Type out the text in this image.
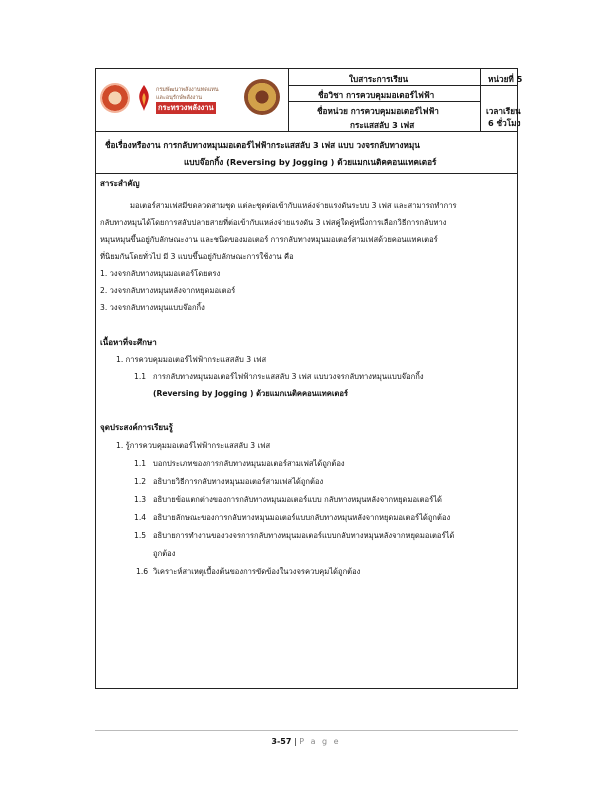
กรมพัฒนาพลังงานทดแทน
และอนุรักษ์พลังงาน
กระทรวงพลังงาน
ใบสาระการเรียน	หน่วยที่ 5
ชื่อวิชา การควบคุมมอเตอร์ไฟฟ้า
ชื่อหน่วย การควบคุมมอเตอร์ไฟฟ้า
กระแสสลับ 3 เฟส
เวลาเรียน
6 ชั่วโมง
ชื่อเรื่องหรืองาน การกลับทางหมุนมอเตอร์ไฟฟ้ากระแสสลับ 3 เฟส แบบ วงจรกลับทางหมุน
แบบจ๊อกกิ้ง (Reversing by Jogging ) ด้วยแมกเนติคคอนแทคเตอร์
สาระสำคัญ
มอเตอร์สามเฟสมีขดลวดสามชุด แต่ละชุดต่อเข้ากับแหล่งจ่ายแรงดันระบบ 3 เฟส และสามารถทำการ
กลับทางหมุนได้โดยการสลับปลายสายที่ต่อเข้ากับแหล่งจ่ายแรงดัน 3 เฟสคู่ใดคู่หนึ่งการเลือกวิธีการกลับทาง
หมุนหมุนขึ้นอยู่กับลักษณะงาน และชนิดของมอเตอร์ การกลับทางหมุนมอเตอร์สามเฟสด้วยคอนแทคเตอร์
ที่นิยมกันโดยทั่วไป มี 3 แบบขึ้นอยู่กับลักษณะการใช้งาน คือ
1. วงจรกลับทางหมุนมอเตอร์โดยตรง
2. วงจรกลับทางหมุนหลังจากหยุดมอเตอร์
3. วงจรกลับทางหมุนแบบจ๊อกกิ้ง
เนื้อหาที่จะศึกษา
1. การควบคุมมอเตอร์ไฟฟ้ากระแสสลับ 3 เฟส
1.1 การกลับทางหมุนมอเตอร์ไฟฟ้ากระแสสลับ 3 เฟส แบบวงจรกลับทางหมุนแบบจ๊อกกิ้ง
(Reversing by Jogging ) ด้วยแมกเนติคคอนแทคเตอร์
จุดประสงค์การเรียนรู้
1. รู้การควบคุมมอเตอร์ไฟฟ้ากระแสสลับ 3 เฟส
1.1 บอกประเภทของการกลับทางหมุนมอเตอร์สามเฟสได้ถูกต้อง
1.2 อธิบายวิธีการกลับทางหมุนมอเตอร์สามเฟสได้ถูกต้อง
1.3 อธิบายข้อแตกต่างของการกลับทางหมุนมอเตอร์แบบ กลับทางหมุนหลังจากหยุดมอเตอร์ได้
1.4 อธิบายลักษณะของการกลับทางหมุนมอเตอร์แบบกลับทางหมุนหลังจากหยุดมอเตอร์ได้ถูกต้อง
1.5 อธิบายการทำงานของวงจรการกลับทางหมุนมอเตอร์แบบกลับทางหมุนหลังจากหยุดมอเตอร์ได้
ถูกต้อง
1.6 วิเคราะห์สาเหตุเบื้องต้นของการขัดข้องในวงจรควบคุมได้ถูกต้อง
3-57 | P a g e
